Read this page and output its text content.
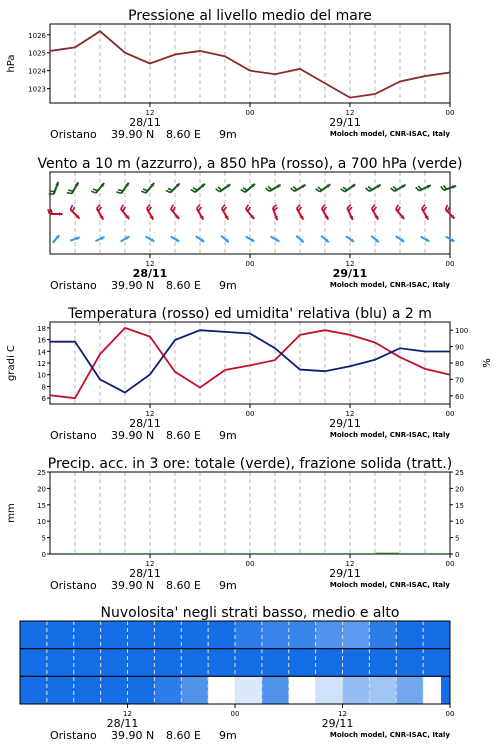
Pressione al livello medio del mare
12
28/11
00	12
29/11
00
Oristano 39.90 N 8.60 E 9m	Moloch model, CNR-ISAC, Italy
1023
1024
1025
1026
hPa
Vento a 10 m (azzurro), a 850 hPa (rosso), a 700 hPa (verde)
12
28/11
00	12
29/11
00
Oristano 39.90 N 8.60 E 9m	Moloch model, CNR-ISAC, Italy
Temperatura (rosso) ed umidita' relativa (blu) a 2 m
12
28/11
00	12
29/11
00
Oristano 39.90 N 8.60 E 9m	Moloch model, CNR-ISAC, Italy
6
8
10
12
14
16
18
60
70
80
90
100
gradi C	%
Precip. acc. in 3 ore: totale (verde), frazione solida (tratt.)
12
28/11
00	12
29/11
00
Oristano 39.90 N 8.60 E 9m	Moloch model, CNR-ISAC, Italy
0	0
5	5
10	10
15	15
20	20
25	25
mm
Nuvolosita' negli strati basso, medio e alto
12
28/11
00	12
29/11
00
Oristano 39.90 N 8.60 E 9m	Moloch model, CNR-ISAC, Italy
